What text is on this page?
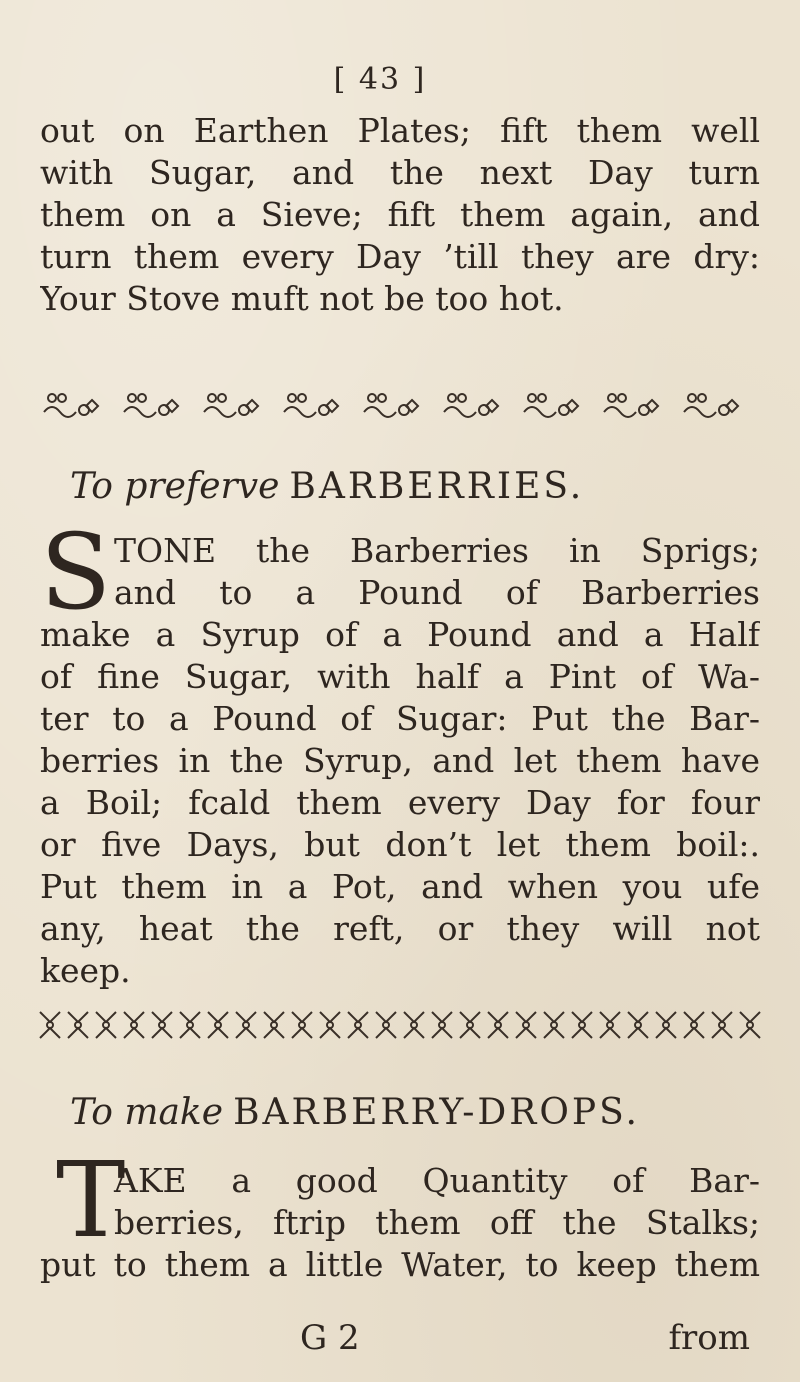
[ 43 ]
out on Earthen Plates; fift them well
with Sugar, and the next Day turn
them on a Sieve; fift them again, and
turn them every Day ’till they are dry:
Your Stove muft not be too hot.
To preferve BARBERRIES.
S TONE the Barberries in Sprigs;
and to a Pound of Barberries
make a Syrup of a Pound and a Half
of fine Sugar, with half a Pint of Wa-
ter to a Pound of Sugar: Put the Bar-
berries in the Syrup, and let them have
a Boil; fcald them every Day for four
or five Days, but don’t let them boil:.
Put them in a Pot, and when you ufe
any, heat the reft, or they will not
keep.
To make BARBERRY-DROPS.
T
AKE a good Quantity of Bar-
berries, ftrip them off the Stalks;
put to them a little Water, to keep them
G 2	from
